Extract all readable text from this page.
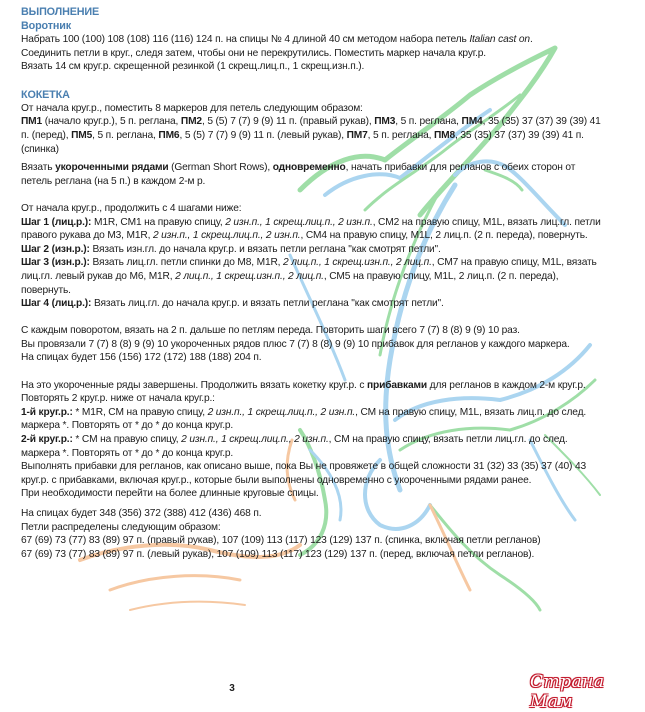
ВЫПОЛНЕНИЕ
Воротник

Набрать 100 (100) 108 (108) 116 (116) 124 п. на спицы № 4 длиной 40 см методом набора петель Italian cast on.

Соединить петли в круг., следя затем, чтобы они не перекрутились. Поместить маркер начала круг.р.

Вязать 14 см круг.р. скрещенной резинкой (1 скрещ.лиц.п., 1 скрещ.изн.п.).

КОКЕТКА

От начала круг.р., поместить 8 маркеров для петель следующим образом:

ПМ1 (начало круг.р.), 5 п. реглана, ПМ2, 5 (5) 7 (7) 9 (9) 11 п. (правый рукав), ПМ3, 5 п. реглана, ПМ4, 35 (35) 37 (37) 39 (39) 41 п. (перед), ПМ5, 5 п. реглана, ПМ6, 5 (5) 7 (7) 9 (9) 11 п. (левый рукав), ПМ7, 5 п. реглана, ПМ8, 35 (35) 37 (37) 39 (39) 41 п. (спинка)

Вязать укороченными рядами (German Short Rows), одновременно, начать прибавки для регланов с обеих сторон от петель реглана (на 5 п.) в каждом 2-м р.

От начала круг.р., продолжить с 4 шагами ниже:

Шаг 1 (лиц.р.): M1R, CM1 на правую спицу, 2 изн.п., 1 скрещ.лиц.п., 2 изн.п., CM2 на правую спицу, M1L, вязать лиц.гл. петли правого рукава до M3, M1R, 2 изн.п., 1 скрещ.лиц.п., 2 изн.п., CM4 на правую спицу, M1L, 2 лиц.п. (2 п. переда), повернуть.

Шаг 2 (изн.р.): Вязать изн.гл. до начала круг.р. и вязать петли реглана "как смотрят петли".

Шаг 3 (изн.р.): Вязать лиц.гл. петли спинки до M8, M1R, 2 лиц.п., 1 скрещ.изн.п., 2 лиц.п., CM7 на правую спицу, M1L, вязать лиц.гл. левый рукав до M6, M1R, 2 лиц.п., 1 скрещ.изн.п., 2 лиц.п., CM5 на правую спицу, M1L, 2 лиц.п. (2 п. переда), повернуть.

Шаг 4 (лиц.р.): Вязать лиц.гл. до начала круг.р. и вязать петли реглана "как смотрят петли".

С каждым поворотом, вязать на 2 п. дальше по петлям переда. Повторить шаги всего 7 (7) 8 (8) 9 (9) 10 раз.

Вы провязали 7 (7) 8 (8) 9 (9) 10 укороченных рядов плюс 7 (7) 8 (8) 9 (9) 10 прибавок для регланов у каждого маркера.

На спицах будет 156 (156) 172 (172) 188 (188) 204 п.

На это укороченные ряды завершены. Продолжить вязать кокетку круг.р. с прибавками для регланов в каждом 2-м круг.р. Повторять 2 круг.р. ниже от начала круг.р.:

1-й круг.р.: * M1R, CM на правую спицу, 2 изн.п., 1 скрещ.лиц.п., 2 изн.п., CM на правую спицу, M1L, вязать лиц.п. до след. маркера *. Повторять от * до * до конца круг.р.

2-й круг.р.: * CM на правую спицу, 2 изн.п., 1 скрещ.лиц.п., 2 изн.п., CM на правую спицу, вязать петли лиц.гл. до след. маркера *. Повторять от * до * до конца круг.р.

Выполнять прибавки для регланов, как описано выше, пока Вы не провяжете в общей сложности 31 (32) 33 (35) 37 (40) 43 круг.р. с прибавками, включая круг.р., которые были выполнены одновременно с укороченными рядами ранее.

При необходимости перейти на более длинные круговые спицы.

На спицах будет 348 (356) 372 (388) 412 (436) 468 п.

Петли распределены следующим образом:

67 (69) 73 (77) 83 (89) 97 п. (правый рукав), 107 (109) 113 (117) 123 (129) 137 п. (спинка, включая петли регланов)

67 (69) 73 (77) 83 (89) 97 п. (левый рукав), 107 (109) 113 (117) 123 (129) 137 п. (перед, включая петли регланов).

3	Страна Мам
